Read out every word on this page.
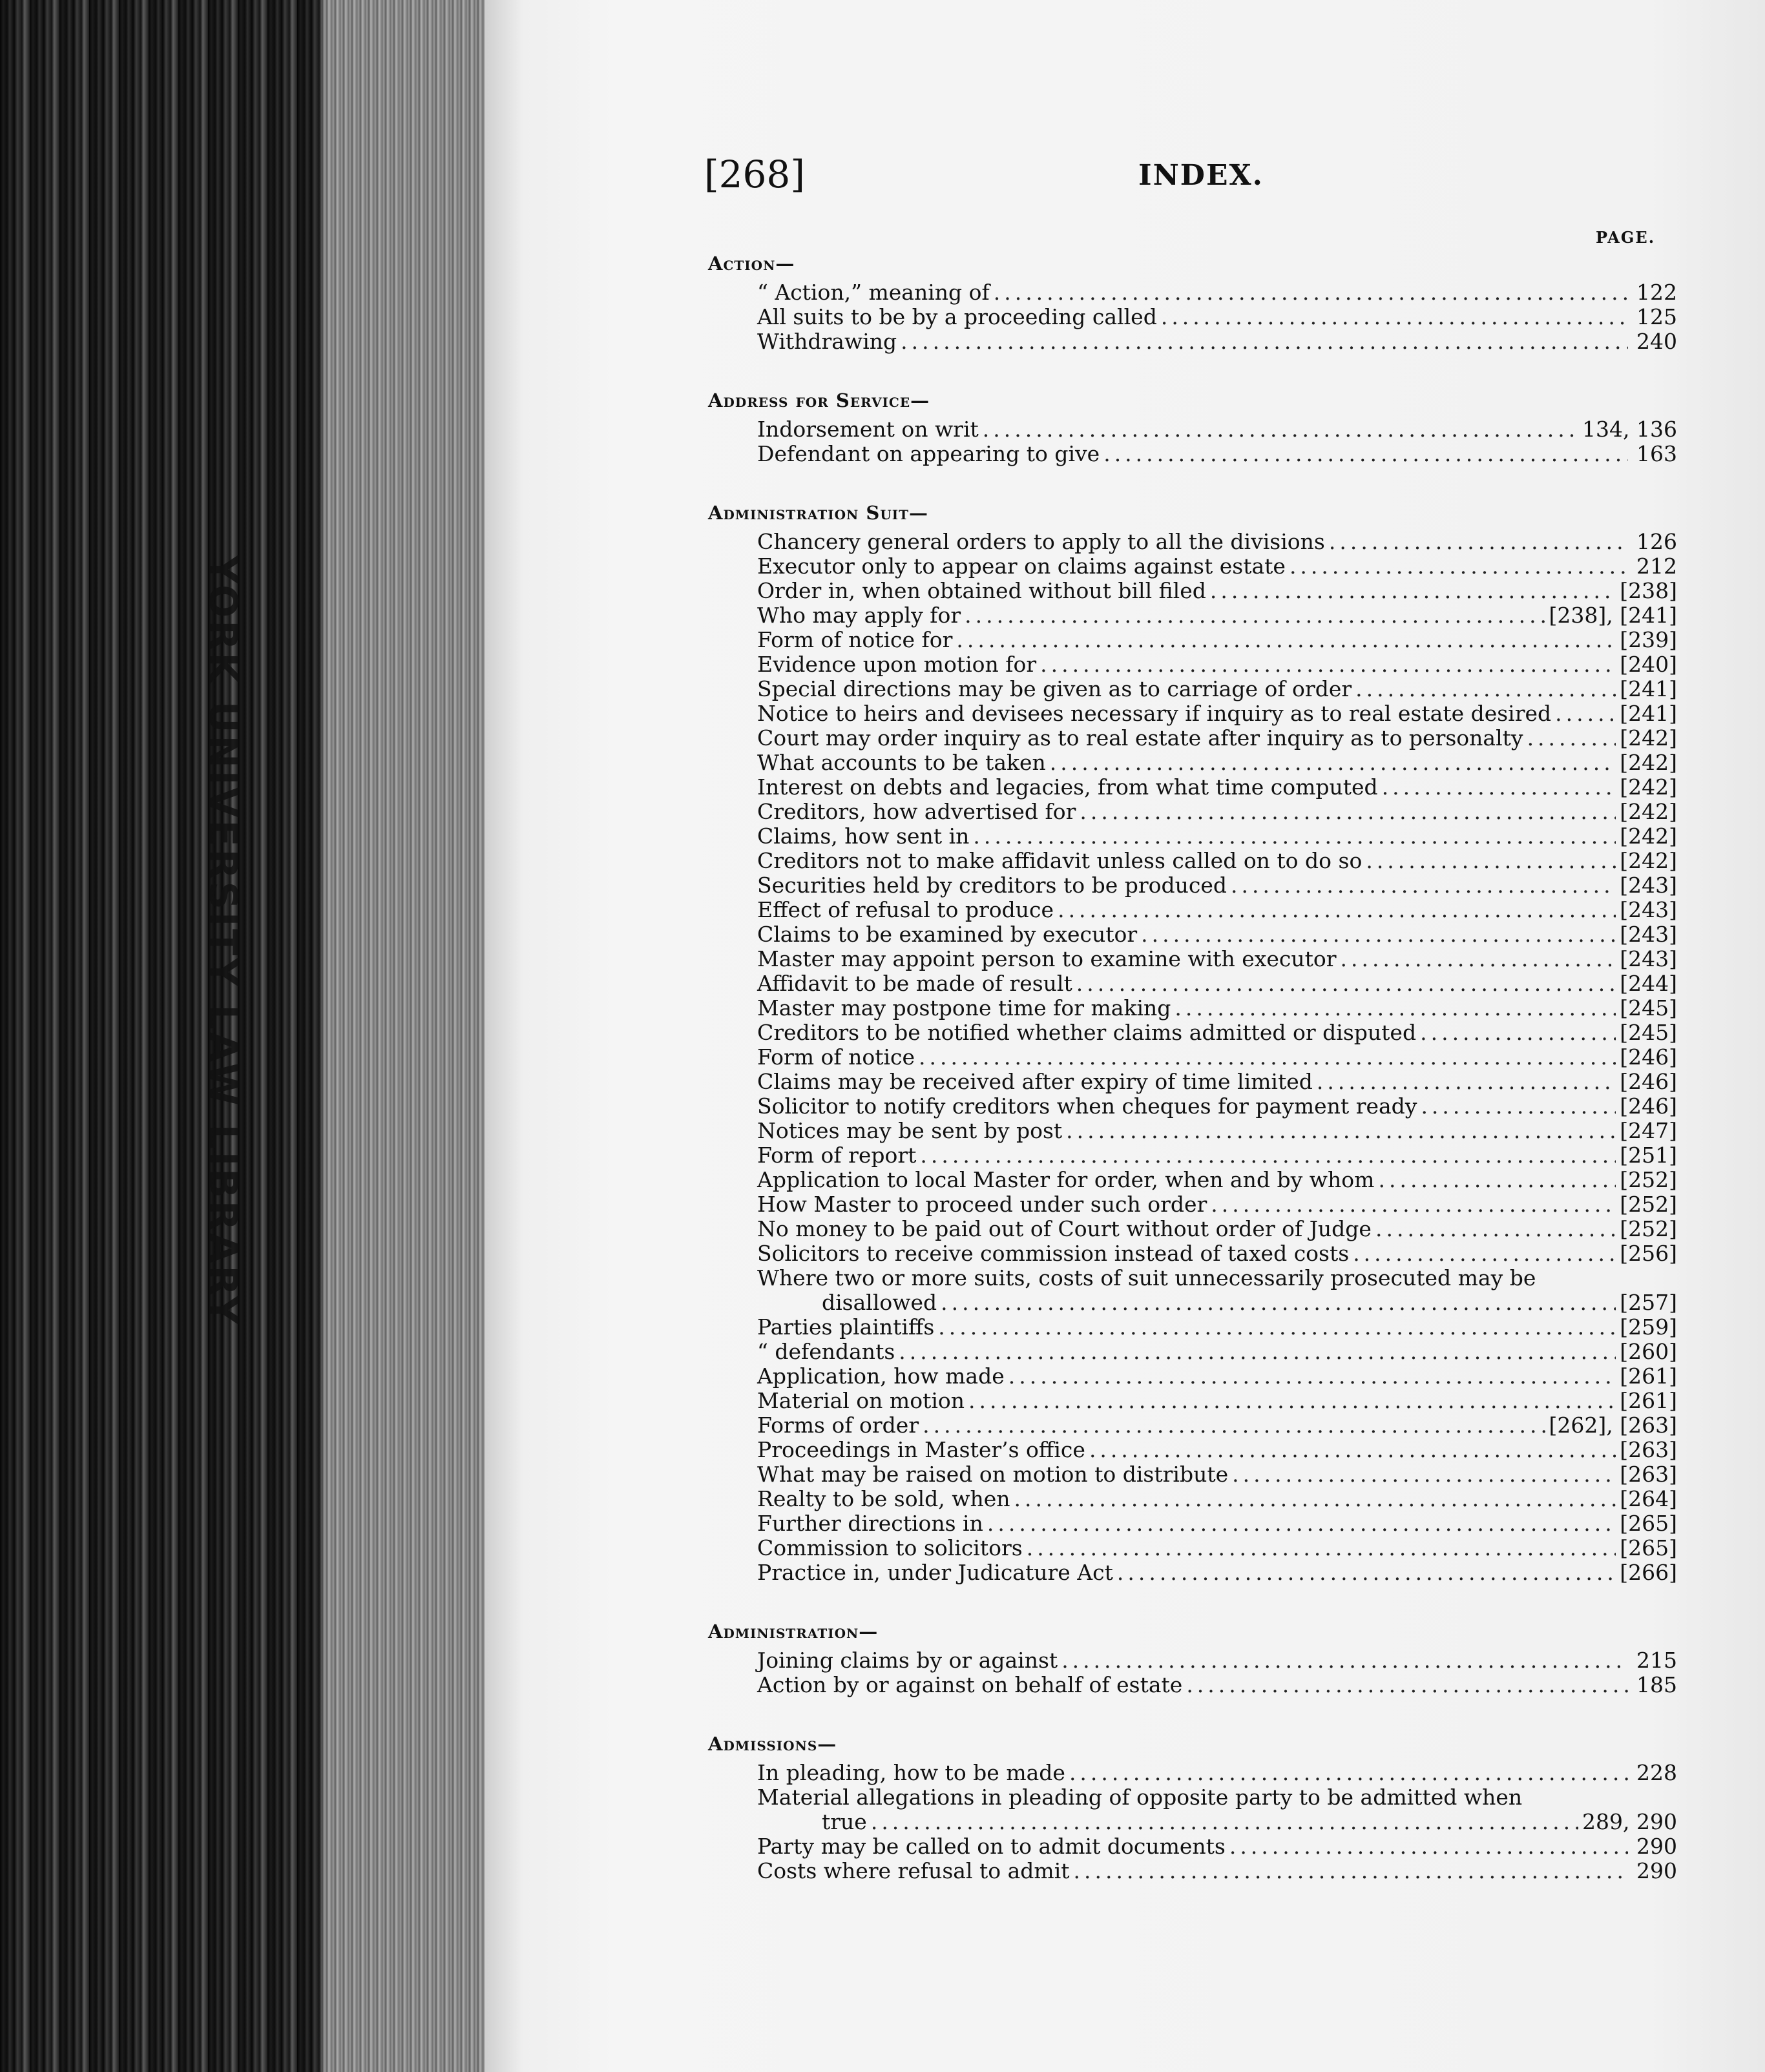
YORK UNIVERSITY LAW LIBRARY
[268]	INDEX.
PAGE.
Action—
“ Action,” meaning of .....	122
All suits to be by a proceeding called .....	125
Withdrawing .....	240
Address for Service—
Indorsement on writ .....	134, 136
Defendant on appearing to give .....	163
Administration Suit—
Chancery general orders to apply to all the divisions .....	126
Executor only to appear on claims against estate .....	212
Order in, when obtained without bill filed .....	[238]
Who may apply for .....	[238], [241]
Form of notice for .....	[239]
Evidence upon motion for .....	[240]
Special directions may be given as to carriage of order .....	[241]
Notice to heirs and devisees necessary if inquiry as to real estate desired .....	[241]
Court may order inquiry as to real estate after inquiry as to personalty .....	[242]
What accounts to be taken .....	[242]
Interest on debts and legacies, from what time computed .....	[242]
Creditors, how advertised for .....	[242]
Claims, how sent in .....	[242]
Creditors not to make affidavit unless called on to do so .....	[242]
Securities held by creditors to be produced .....	[243]
Effect of refusal to produce .....	[243]
Claims to be examined by executor .....	[243]
Master may appoint person to examine with executor .....	[243]
Affidavit to be made of result .....	[244]
Master may postpone time for making .....	[245]
Creditors to be notified whether claims admitted or disputed .....	[245]
Form of notice .....	[246]
Claims may be received after expiry of time limited .....	[246]
Solicitor to notify creditors when cheques for payment ready .....	[246]
Notices may be sent by post .....	[247]
Form of report .....	[251]
Application to local Master for order, when and by whom .....	[252]
How Master to proceed under such order .....	[252]
No money to be paid out of Court without order of Judge .....	[252]
Solicitors to receive commission instead of taxed costs .....	[256]
Where two or more suits, costs of suit unnecessarily prosecuted may be
disallowed .....	[257]
Parties plaintiffs .....	[259]
“ defendants .....	[260]
Application, how made .....	[261]
Material on motion .....	[261]
Forms of order .....	[262], [263]
Proceedings in Master’s office .....	[263]
What may be raised on motion to distribute .....	[263]
Realty to be sold, when .....	[264]
Further directions in .....	[265]
Commission to solicitors .....	[265]
Practice in, under Judicature Act .....	[266]
Administration—
Joining claims by or against .....	215
Action by or against on behalf of estate .....	185
Admissions—
In pleading, how to be made .....	228
Material allegations in pleading of opposite party to be admitted when
true .....	289, 290
Party may be called on to admit documents .....	290
Costs where refusal to admit .....	290
